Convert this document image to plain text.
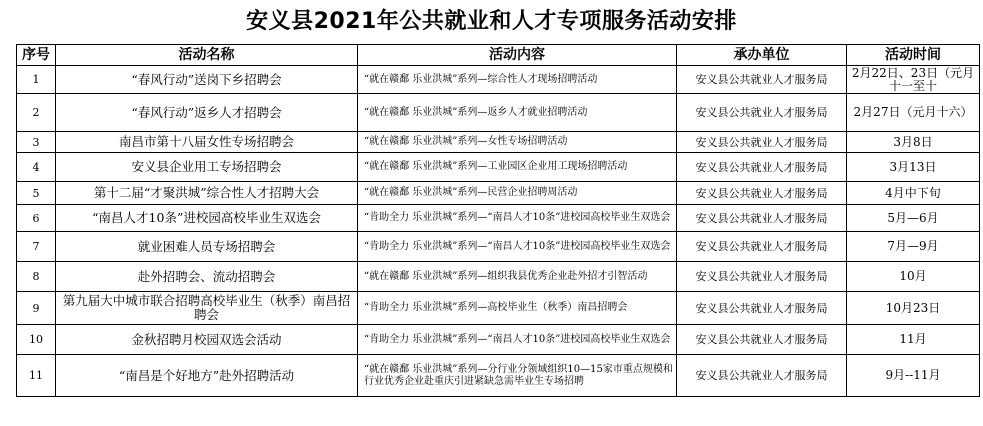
安义县2021年公共就业和人才专项服务活动安排
序号	活动名称	活动内容	承办单位	活动时间
1	“春风行动”送岗下乡招聘会	“就在赣鄱 乐业洪城”系列—综合性人才现场招聘活动	安义县公共就业人才服务局	2月22日、23日（元月十一至十
2	“春风行动”返乡人才招聘会	“就在赣鄱 乐业洪城”系列—返乡人才就业招聘活动	安义县公共就业人才服务局	2月27日（元月十六）
3	南昌市第十八届女性专场招聘会	“就在赣鄱 乐业洪城”系列—女性专场招聘活动	安义县公共就业人才服务局	3月8日
4	安义县企业用工专场招聘会	“就在赣鄱 乐业洪城”系列—工业园区企业用工现场招聘活动	安义县公共就业人才服务局	3月13日
5	第十二届“才聚洪城”综合性人才招聘大会	“就在赣鄱 乐业洪城”系列—民营企业招聘周活动	安义县公共就业人才服务局	4月中下旬
6	“南昌人才10条”进校园高校毕业生双选会	“肯助全力 乐业洪城”系列—“南昌人才10条”进校园高校毕业生双选会	安义县公共就业人才服务局	5月—6月
7	就业困难人员专场招聘会	“肯助全力 乐业洪城”系列—“南昌人才10条”进校园高校毕业生双选会	安义县公共就业人才服务局	7月—9月
8	赴外招聘会、流动招聘会	“就在赣鄱 乐业洪城”系列—组织我县优秀企业赴外招才引智活动	安义县公共就业人才服务局	10月
9	第九届大中城市联合招聘高校毕业生（秋季）南昌招聘会	“肯助全力 乐业洪城”系列—高校毕业生（秋季）南昌招聘会	安义县公共就业人才服务局	10月23日
10	金秋招聘月校园双选会活动	“肯助全力 乐业洪城”系列—“南昌人才10条”进校园高校毕业生双选会	安义县公共就业人才服务局	11月
11	“南昌是个好地方”赴外招聘活动	“就在赣鄱 乐业洪城”系列—分行业分领域组织10—15家市重点规模和行业优秀企业赴重庆引进紧缺急需毕业生专场招聘	安义县公共就业人才服务局	9月--11月
